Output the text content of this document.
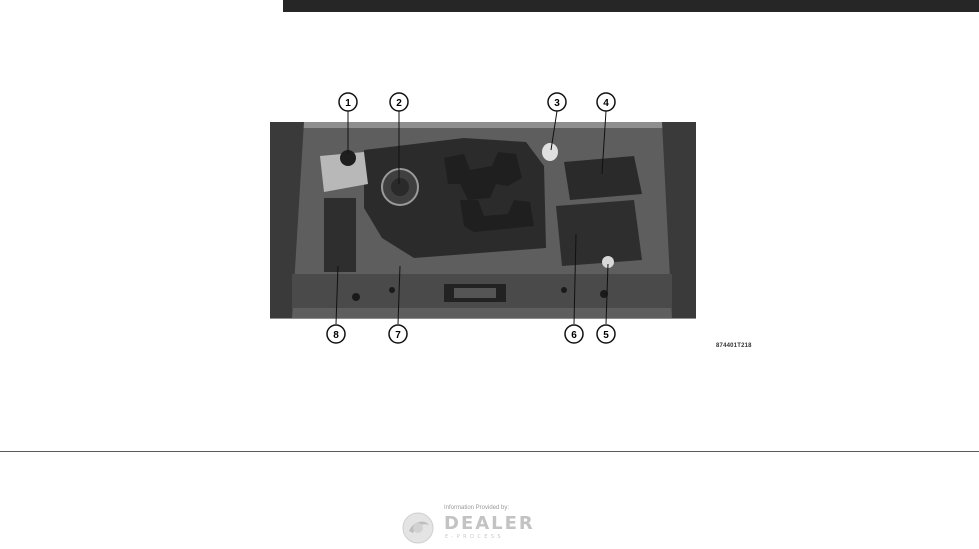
1	2	3	4
5
6
7
8
874401T218
Information Provided by:
DEALER
E-PROCESS
